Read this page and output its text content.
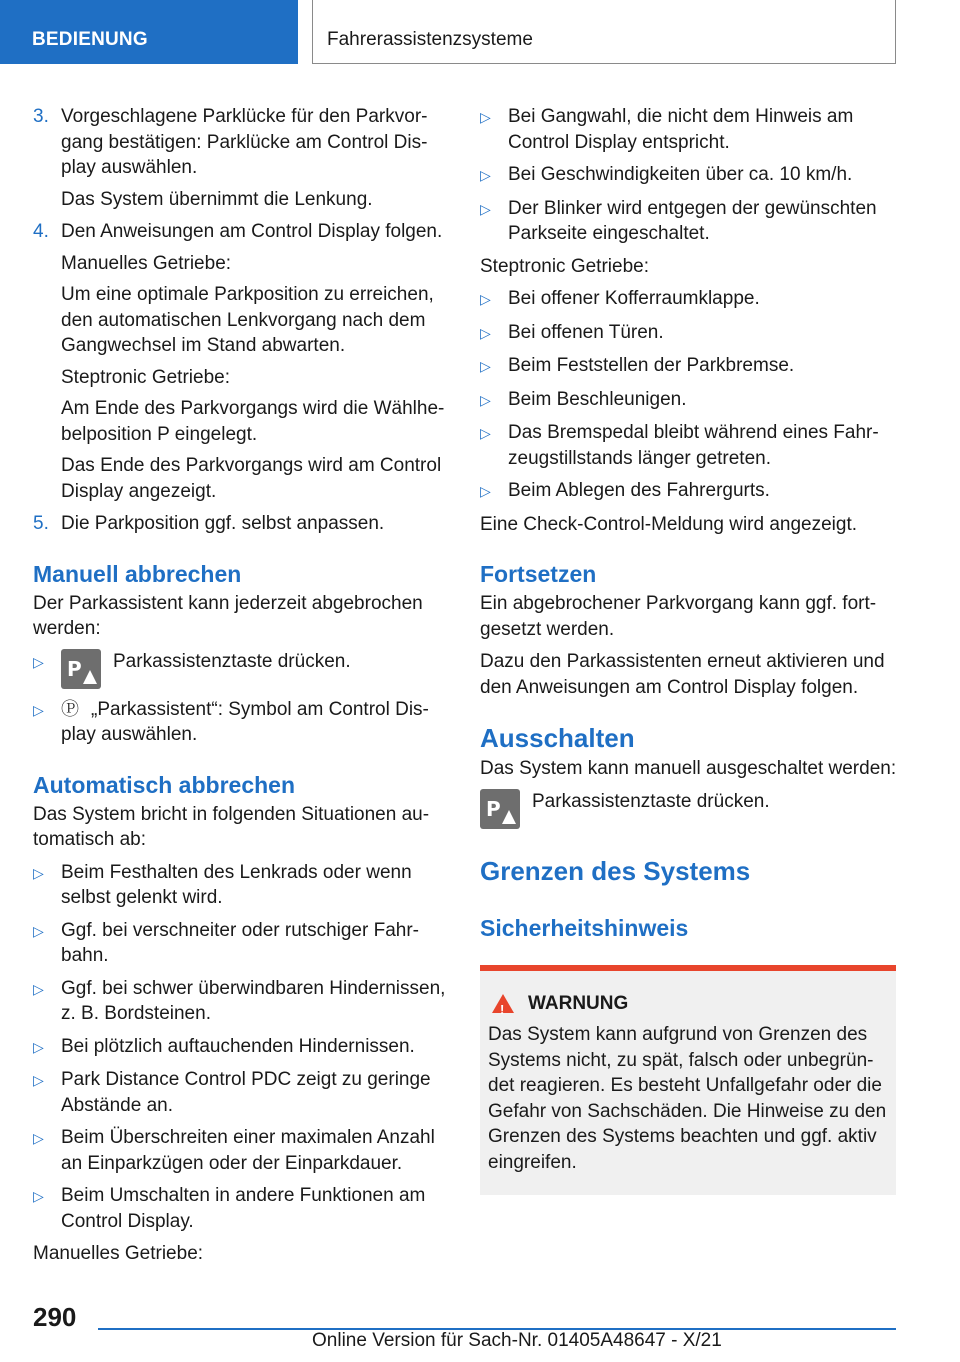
BEDIENUNG	Fahrerassistenzsysteme
3. Vorgeschlagene Parklücke für den Parkvorgang bestätigen: Parklücke am Control Display auswählen.

Das System übernimmt die Lenkung.

4. Den Anweisungen am Control Display folgen.

Manuelles Getriebe:

Um eine optimale Parkposition zu erreichen, den automatischen Lenkvorgang nach dem Gangwechsel im Stand abwarten.

Steptronic Getriebe:

Am Ende des Parkvorgangs wird die Wählhebelposition P eingelegt.

Das Ende des Parkvorgangs wird am Control Display angezeigt.

5. Die Parkposition ggf. selbst anpassen.

Manuell abbrechen
Der Parkassistent kann jederzeit abgebrochen werden:
▷	P Parkassistenztaste drücken.
▷ Ⓟ „Parkassistent“: Symbol am Control Display auswählen.
Automatisch abbrechen
Das System bricht in folgenden Situationen automatisch ab:
▷ Beim Festhalten des Lenkrads oder wenn selbst gelenkt wird.
▷ Ggf. bei verschneiter oder rutschiger Fahrbahn.
▷ Ggf. bei schwer überwindbaren Hindernissen, z. B. Bordsteinen.
▷ Bei plötzlich auftauchenden Hindernissen.
▷ Park Distance Control PDC zeigt zu geringe Abstände an.
▷ Beim Überschreiten einer maximalen Anzahl an Einparkzügen oder der Einparkdauer.
▷ Beim Umschalten in andere Funktionen am Control Display.
Manuelles Getriebe:
▷ Bei Gangwahl, die nicht dem Hinweis am Control Display entspricht.
▷ Bei Geschwindigkeiten über ca. 10 km/h.
▷ Der Blinker wird entgegen der gewünschten Parkseite eingeschaltet.
Steptronic Getriebe:
▷ Bei offener Kofferraumklappe.
▷ Bei offenen Türen.
▷ Beim Feststellen der Parkbremse.
▷ Beim Beschleunigen.
▷ Das Bremspedal bleibt während eines Fahrzeugstillstands länger getreten.
▷ Beim Ablegen des Fahrergurts.
Eine Check-Control-Meldung wird angezeigt.
Fortsetzen
Ein abgebrochener Parkvorgang kann ggf. fortgesetzt werden.
Dazu den Parkassistenten erneut aktivieren und den Anweisungen am Control Display folgen.
Ausschalten
Das System kann manuell ausgeschaltet werden:
P Parkassistenztaste drücken.
Grenzen des Systems
Sicherheitshinweis
! WARNUNG
Das System kann aufgrund von Grenzen des Systems nicht, zu spät, falsch oder unbegründet reagieren. Es besteht Unfallgefahr oder die Gefahr von Sachschäden. Die Hinweise zu den Grenzen des Systems beachten und ggf. aktiv eingreifen.
290
Online Version für Sach-Nr. 01405A48647 - X/21
